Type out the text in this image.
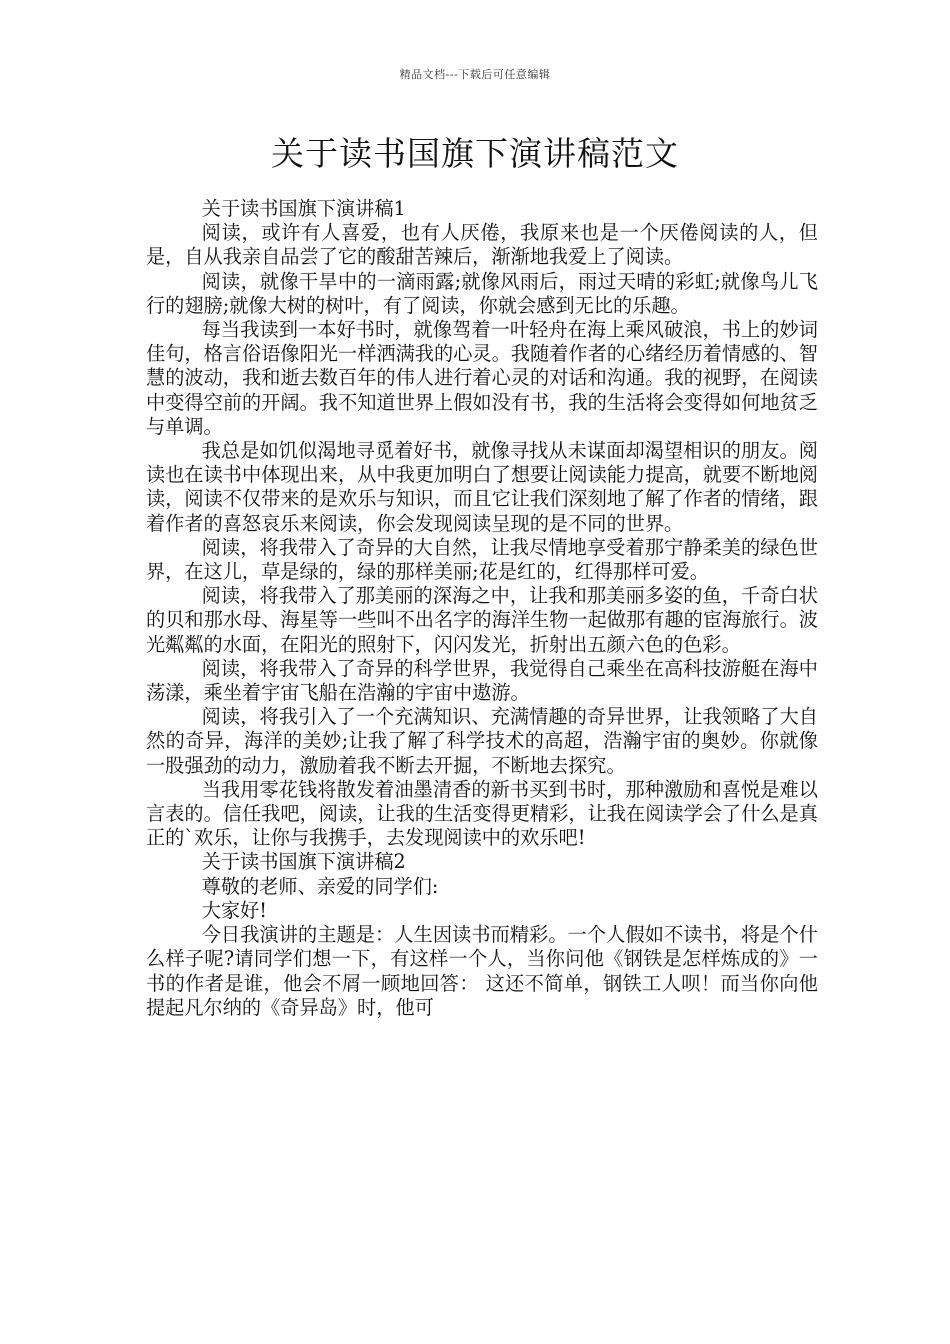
精品文档---下载后可任意编辑
关于读书国旗下演讲稿范文

关于读书国旗下演讲稿1

阅读，或许有人喜爱，也有人厌倦，我原来也是一个厌倦阅读的人，但是，自从我亲自品尝了它的酸甜苦辣后，渐渐地我爱上了阅读。

阅读，就像干旱中的一滴雨露;就像风雨后，雨过天晴的彩虹;就像鸟儿飞行的翅膀;就像大树的树叶，有了阅读，你就会感到无比的乐趣。

每当我读到一本好书时，就像驾着一叶轻舟在海上乘风破浪，书上的妙词佳句，格言俗语像阳光一样洒满我的心灵。我随着作者的心绪经历着情感的、智慧的波动，我和逝去数百年的伟人进行着心灵的对话和沟通。我的视野，在阅读中变得空前的开阔。我不知道世界上假如没有书，我的生活将会变得如何地贫乏与单调。

我总是如饥似渴地寻觅着好书，就像寻找从未谋面却渴望相识的朋友。阅读也在读书中体现出来，从中我更加明白了想要让阅读能力提高，就要不断地阅读，阅读不仅带来的是欢乐与知识，而且它让我们深刻地了解了作者的情绪，跟着作者的喜怒哀乐来阅读，你会发现阅读呈现的是不同的世界。

阅读，将我带入了奇异的大自然，让我尽情地享受着那宁静柔美的绿色世界，在这儿，草是绿的，绿的那样美丽;花是红的，红得那样可爱。

阅读，将我带入了那美丽的深海之中，让我和那美丽多姿的鱼，千奇白状的贝和那水母、海星等一些叫不出名字的海洋生物一起做那有趣的宦海旅行。波光粼粼的水面，在阳光的照射下，闪闪发光，折射出五颜六色的色彩。

阅读，将我带入了奇异的科学世界，我觉得自己乘坐在高科技游艇在海中荡漾，乘坐着宇宙飞船在浩瀚的宇宙中遨游。

阅读，将我引入了一个充满知识、充满情趣的奇异世界，让我领略了大自然的奇异，海洋的美妙;让我了解了科学技术的高超，浩瀚宇宙的奥妙。你就像一股强劲的动力，激励着我不断去开掘，不断地去探究。

当我用零花钱将散发着油墨清香的新书买到书时，那种激励和喜悦是难以言表的。信任我吧，阅读，让我的生活变得更精彩，让我在阅读学会了什么是真正的`欢乐，让你与我携手，去发现阅读中的欢乐吧!

关于读书国旗下演讲稿2

尊敬的老师、亲爱的同学们:

大家好!

今日我演讲的主题是：人生因读书而精彩。一个人假如不读书，将是个什么样子呢?请同学们想一下，有这样一个人，当你问他《钢铁是怎样炼成的》一书的作者是谁，他会不屑一顾地回答： 这还不简单，钢铁工人呗！而当你向他提起凡尔纳的《奇异岛》时，他可
